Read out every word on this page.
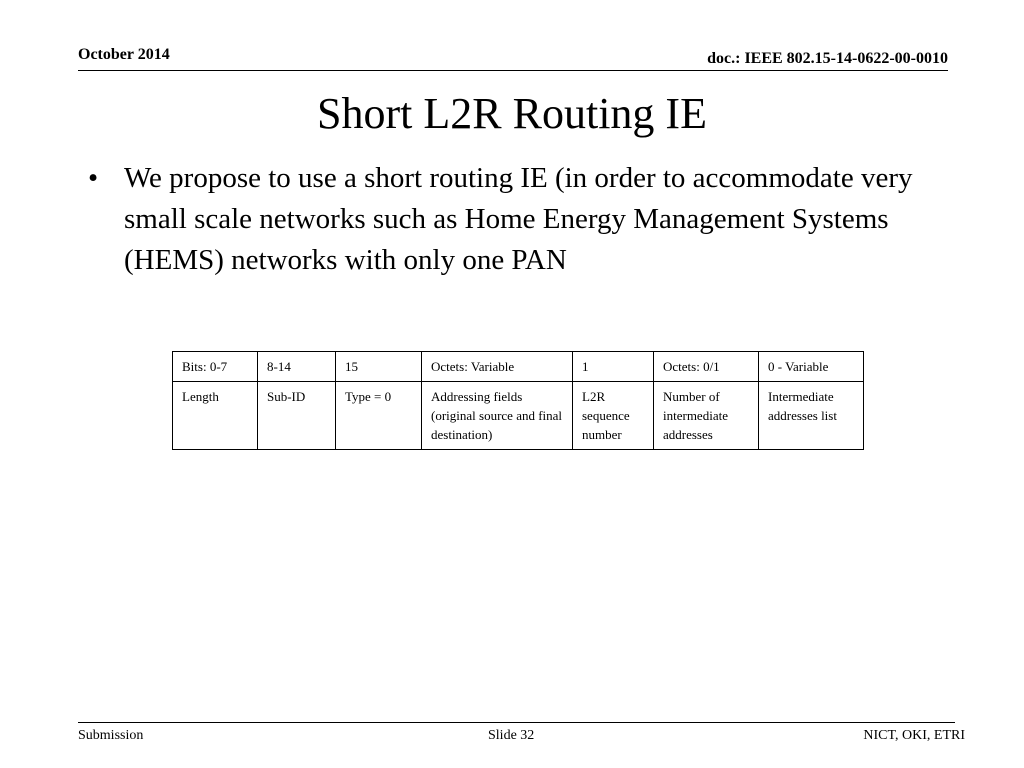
October 2014	doc.: IEEE 802.15-14-0622-00-0010
Short L2R Routing IE
• We propose to use a short routing IE (in order to accommodate very small scale networks such as Home Energy Management Systems (HEMS) networks with only one PAN
Bits: 0-7	8-14	15	Octets: Variable	1	Octets: 0/1	0 - Variable
Length	Sub-ID	Type = 0	Addressing fields (original source and final destination)	L2R sequence number	Number of intermediate addresses	Intermediate addresses list
Submission	Slide 32	NICT, OKI, ETRI
